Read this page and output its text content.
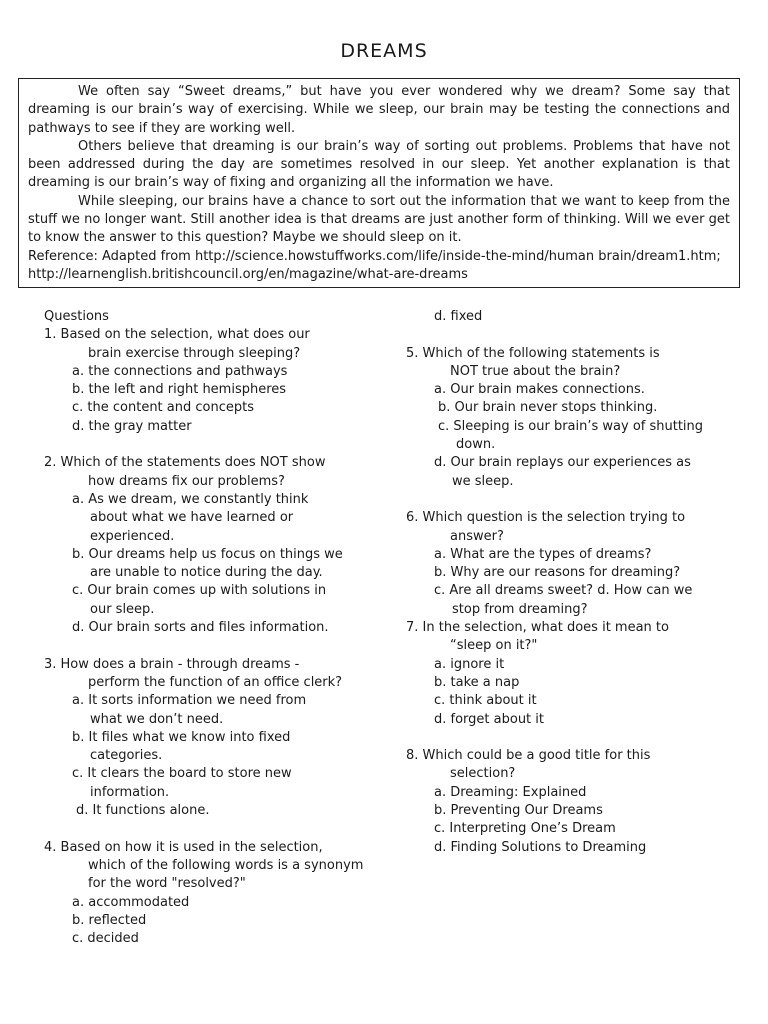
DREAMS

We often say “Sweet dreams,” but have you ever wondered why we dream? Some say that dreaming is our brain’s way of exercising. While we sleep, our brain may be testing the connections and pathways to see if they are working well.

Others believe that dreaming is our brain’s way of sorting out problems. Problems that have not been addressed during the day are sometimes resolved in our sleep. Yet another explanation is that dreaming is our brain’s way of fixing and organizing all the information we have.

While sleeping, our brains have a chance to sort out the information that we want to keep from the stuff we no longer want. Still another idea is that dreams are just another form of thinking. Will we ever get to know the answer to this question? Maybe we should sleep on it.

Reference: Adapted from http://science.howstuffworks.com/life/inside-the-mind/human brain/dream1.htm; http://learnenglish.britishcouncil.org/en/magazine/what-are-dreams

Questions
1. Based on the selection, what does our
brain exercise through sleeping?
a. the connections and pathways
b. the left and right hemispheres
c. the content and concepts
d. the gray matter
2. Which of the statements does NOT show
how dreams fix our problems?
a. As we dream, we constantly think
about what we have learned or experienced.
b. Our dreams help us focus on things we
are unable to notice during the day.
c. Our brain comes up with solutions in
our sleep.
d. Our brain sorts and files information.
3. How does a brain - through dreams -
perform the function of an office clerk?
a. It sorts information we need from
what we don’t need.
b. It files what we know into fixed
categories.
c. It clears the board to store new
information.
d. It functions alone.
4. Based on how it is used in the selection,
which of the following words is a synonym for the word "resolved?"
a. accommodated
b. reflected
c. decided
d. fixed
5. Which of the following statements is
NOT true about the brain?
a. Our brain makes connections.
b. Our brain never stops thinking.
c. Sleeping is our brain’s way of shutting
down.
d. Our brain replays our experiences as
we sleep.
6. Which question is the selection trying to
answer?
a. What are the types of dreams?
b. Why are our reasons for dreaming?
c. Are all dreams sweet? d. How can we
stop from dreaming?
7. In the selection, what does it mean to
“sleep on it?"
a. ignore it
b. take a nap
c. think about it
d. forget about it
8. Which could be a good title for this
selection?
a. Dreaming: Explained
b. Preventing Our Dreams
c. Interpreting One’s Dream
d. Finding Solutions to Dreaming
